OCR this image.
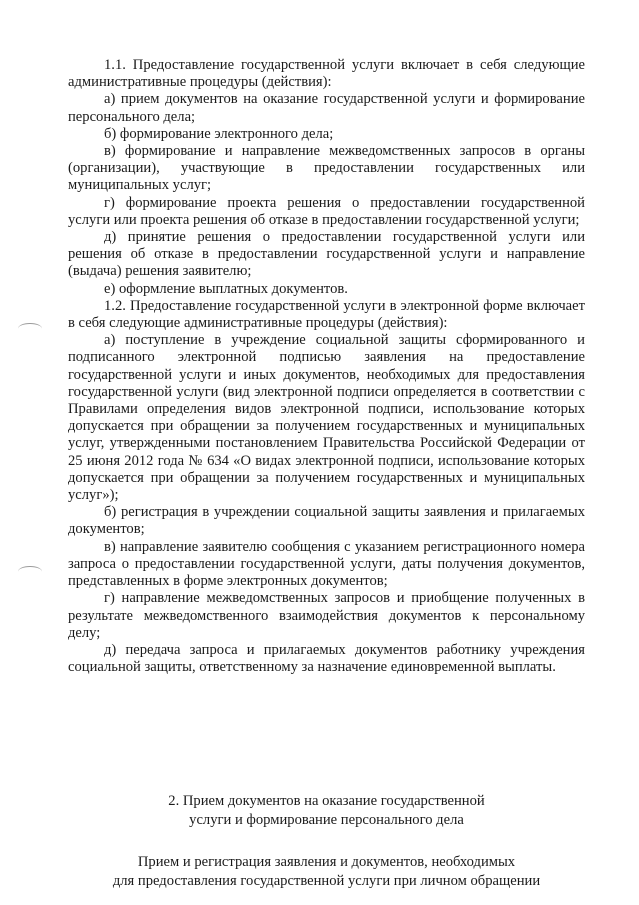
1.1. Предоставление государственной услуги включает в себя следующие административные процедуры (действия):

а) прием документов на оказание государственной услуги и формирование персонального дела;

б) формирование электронного дела;

в) формирование и направление межведомственных запросов в органы (организации), участвующие в предоставлении государственных или муниципальных услуг;

г) формирование проекта решения о предоставлении государственной услуги или проекта решения об отказе в предоставлении государственной услуги;

д) принятие решения о предоставлении государственной услуги или решения об отказе в предоставлении государственной услуги и направление (выдача) решения заявителю;

е) оформление выплатных документов.

1.2. Предоставление государственной услуги в электронной форме включает в себя следующие административные процедуры (действия):

а) поступление в учреждение социальной защиты сформированного и подписанного электронной подписью заявления на предоставление государственной услуги и иных документов, необходимых для предоставления государственной услуги (вид электронной подписи определяется в соответствии с Правилами определения видов электронной подписи, использование которых допускается при обращении за получением государственных и муниципальных услуг, утвержденными постановлением Правительства Российской Федерации от 25 июня 2012 года № 634 «О видах электронной подписи, использование которых допускается при обращении за получением государственных и муниципальных услуг»);

б) регистрация в учреждении социальной защиты заявления и прилагаемых документов;

в) направление заявителю сообщения с указанием регистрационного номера запроса о предоставлении государственной услуги, даты получения документов, представленных в форме электронных документов;

г) направление межведомственных запросов и приобщение полученных в результате межведомственного взаимодействия документов к персональному делу;

д) передача запроса и прилагаемых документов работнику учреждения социальной защиты, ответственному за назначение единовременной выплаты.

2. Прием документов на оказание государственной

услуги и формирование персонального дела

Прием и регистрация заявления и документов, необходимых

для предоставления государственной услуги при личном обращении
